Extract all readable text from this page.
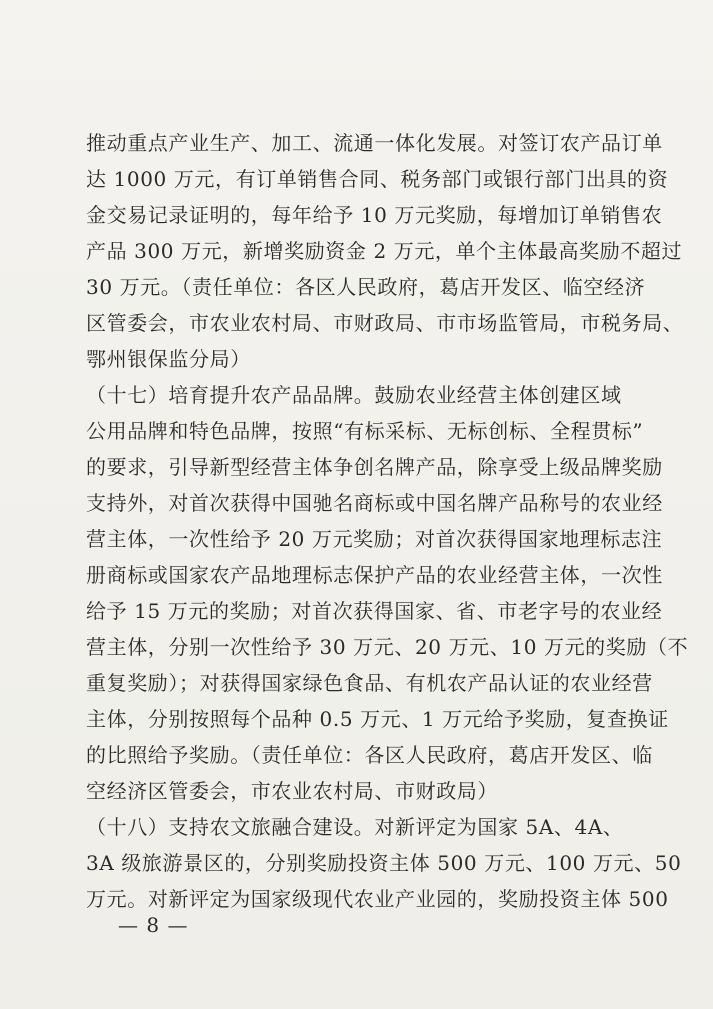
推动重点产业生产、加工、流通一体化发展。对签订农产品订单
达 1000 万元，有订单销售合同、税务部门或银行部门出具的资
金交易记录证明的，每年给予 10 万元奖励，每增加订单销售农
产品 300 万元，新增奖励资金 2 万元，单个主体最高奖励不超过
30 万元。（责任单位：各区人民政府，葛店开发区、临空经济
区管委会，市农业农村局、市财政局、市市场监管局，市税务局、
鄂州银保监分局）
（十七）培育提升农产品品牌。鼓励农业经营主体创建区域
公用品牌和特色品牌，按照“有标采标、无标创标、全程贯标”
的要求，引导新型经营主体争创名牌产品，除享受上级品牌奖励
支持外，对首次获得中国驰名商标或中国名牌产品称号的农业经
营主体，一次性给予 20 万元奖励；对首次获得国家地理标志注
册商标或国家农产品地理标志保护产品的农业经营主体，一次性
给予 15 万元的奖励；对首次获得国家、省、市老字号的农业经
营主体，分别一次性给予 30 万元、20 万元、10 万元的奖励（不
重复奖励）；对获得国家绿色食品、有机农产品认证的农业经营
主体，分别按照每个品种 0.5 万元、1 万元给予奖励，复查换证
的比照给予奖励。（责任单位：各区人民政府，葛店开发区、临
空经济区管委会，市农业农村局、市财政局）
（十八）支持农文旅融合建设。对新评定为国家 5A、4A、
3A 级旅游景区的，分别奖励投资主体 500 万元、100 万元、50
万元。对新评定为国家级现代农业产业园的，奖励投资主体 500
— 8 —
